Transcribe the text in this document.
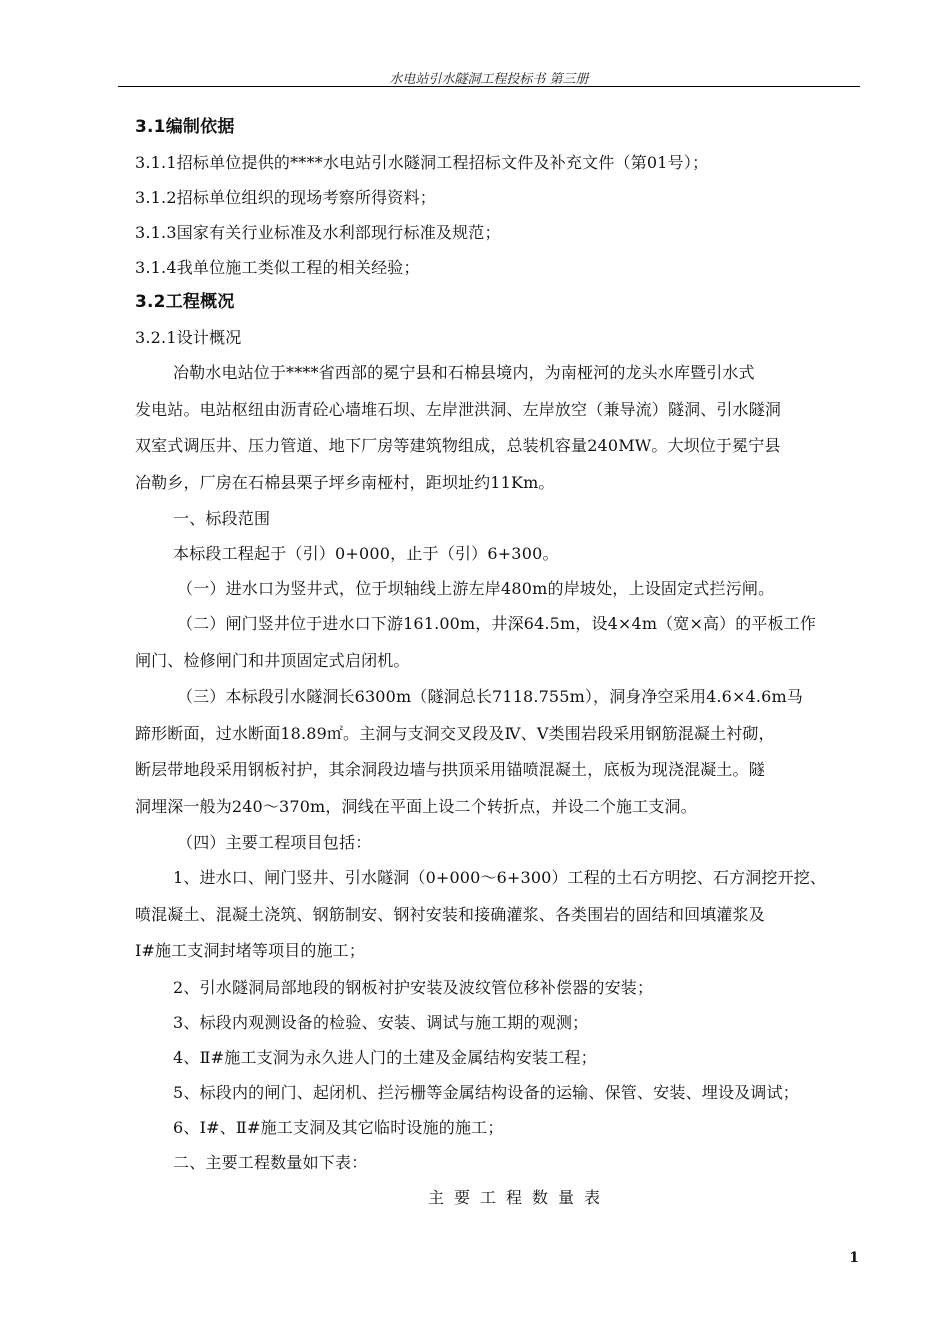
水电站引水隧洞工程投标书 第三册
3.1编制依据
3.1.1招标单位提供的****水电站引水隧洞工程招标文件及补充文件（第01号）；
3.1.2招标单位组织的现场考察所得资料；
3.1.3国家有关行业标准及水利部现行标准及规范；
3.1.4我单位施工类似工程的相关经验；
3.2工程概况
3.2.1设计概况
冶勒水电站位于****省西部的冕宁县和石棉县境内，为南桠河的龙头水库暨引水式
发电站。电站枢纽由沥青砼心墙堆石坝、左岸泄洪洞、左岸放空（兼导流）隧洞、引水隧洞
双室式调压井、压力管道、地下厂房等建筑物组成，总装机容量240MW。大坝位于冕宁县
冶勒乡，厂房在石棉县栗子坪乡南桠村，距坝址约11Km。
一、标段范围
本标段工程起于（引）0+000，止于（引）6+300。
（一）进水口为竖井式，位于坝轴线上游左岸480m的岸坡处，上设固定式拦污闸。
（二）闸门竖井位于进水口下游161.00m，井深64.5m，设4×4m（宽×高）的平板工作
闸门、检修闸门和井顶固定式启闭机。
（三）本标段引水隧洞长6300m（隧洞总长7118.755m），洞身净空采用4.6×4.6m马
蹄形断面，过水断面18.89㎡。主洞与支洞交叉段及Ⅳ、Ⅴ类围岩段采用钢筋混凝土衬砌，
断层带地段采用钢板衬护，其余洞段边墙与拱顶采用锚喷混凝土，底板为现浇混凝土。隧
洞埋深一般为240～370m，洞线在平面上设二个转折点，并设二个施工支洞。
（四）主要工程项目包括：
1、进水口、闸门竖井、引水隧洞（0+000～6+300）工程的土石方明挖、石方洞挖开挖、
喷混凝土、混凝土浇筑、钢筋制安、钢衬安装和接确灌浆、各类围岩的固结和回填灌浆及
Ⅰ#施工支洞封堵等项目的施工；
2、引水隧洞局部地段的钢板衬护安装及波纹管位移补偿器的安装；
3、标段内观测设备的检验、安装、调试与施工期的观测；
4、Ⅱ#施工支洞为永久进人门的土建及金属结构安装工程；
5、标段内的闸门、起闭机、拦污栅等金属结构设备的运输、保管、安装、埋设及调试；
6、Ⅰ#、Ⅱ#施工支洞及其它临时设施的施工；
二、主要工程数量如下表：
主要工程数量表
1
